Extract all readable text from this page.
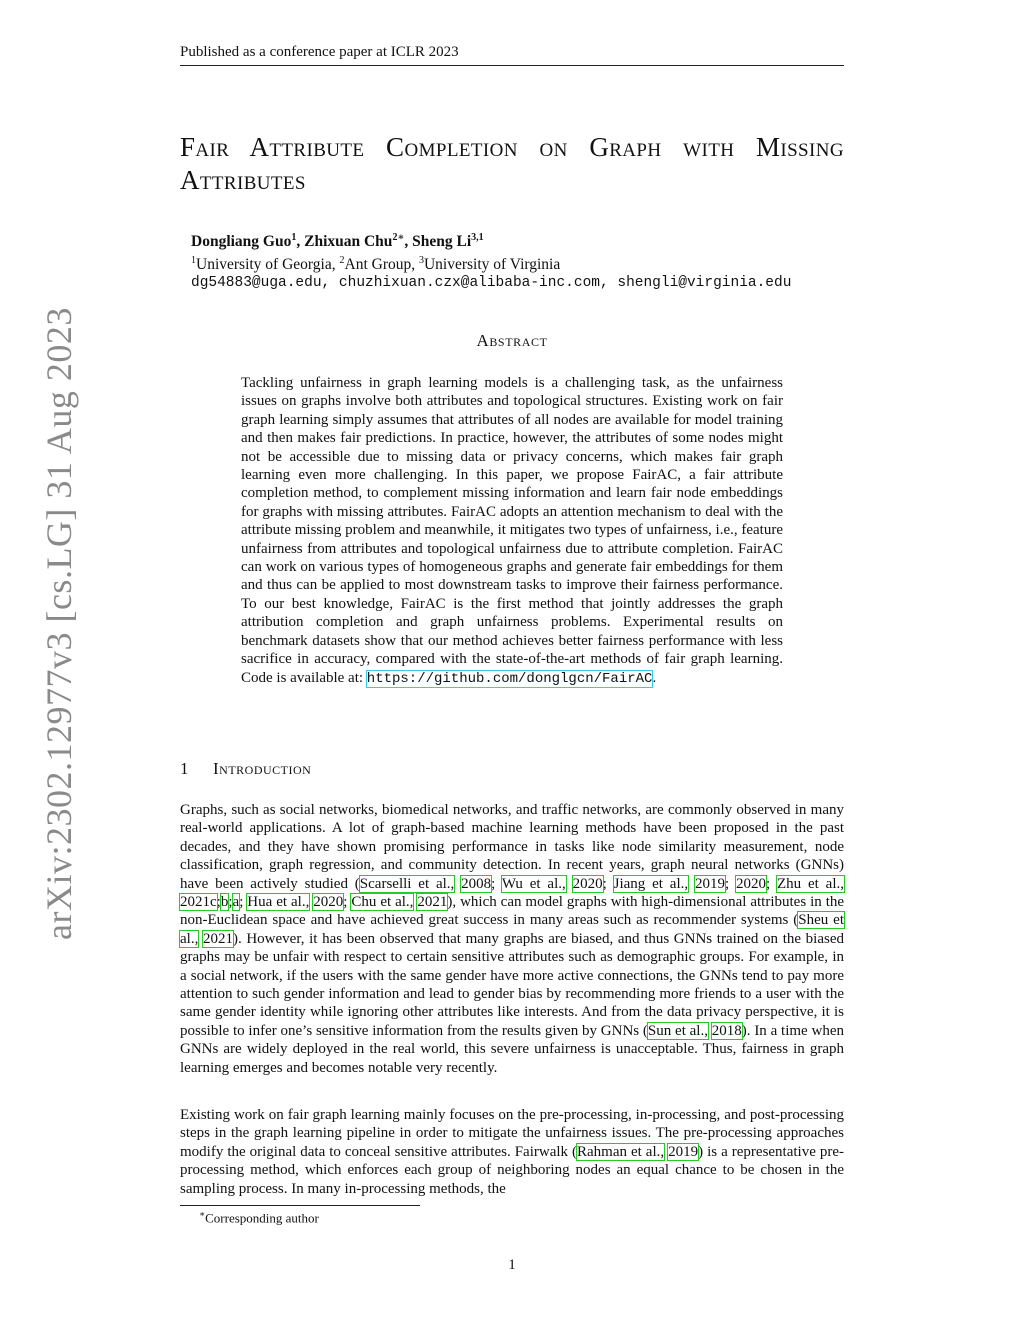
Published as a conference paper at ICLR 2023
arXiv:2302.12977v3 [cs.LG] 31 Aug 2023
Fair Attribute Completion on Graph with Missing Attributes
Dongliang Guo$^1$, Zhixuan Chu$^{2∗}$, Sheng Li$^{3,1}$
$^1$University of Georgia, $^2$Ant Group, $^3$University of Virginia
dg54883@uga.edu, chuzhixuan.czx@alibaba-inc.com, shengli@virginia.edu
Abstract

Tackling unfairness in graph learning models is a challenging task, as the unfairness issues on graphs involve both attributes and topological structures. Existing work on fair graph learning simply assumes that attributes of all nodes are available for model training and then makes fair predictions. In practice, however, the attributes of some nodes might not be accessible due to missing data or privacy concerns, which makes fair graph learning even more challenging. In this paper, we propose FairAC, a fair attribute completion method, to complement missing information and learn fair node embeddings for graphs with missing attributes. FairAC adopts an attention mechanism to deal with the attribute missing problem and meanwhile, it mitigates two types of unfairness, i.e., feature unfairness from attributes and topological unfairness due to attribute completion. FairAC can work on various types of homogeneous graphs and generate fair embeddings for them and thus can be applied to most downstream tasks to improve their fairness performance. To our best knowledge, FairAC is the first method that jointly addresses the graph attribution completion and graph unfairness problems. Experimental results on benchmark datasets show that our method achieves better fairness performance with less sacrifice in accuracy, compared with the state-of-the-art methods of fair graph learning. Code is available at: https://github.com/donglgcn/FairAC.

1 Introduction

Graphs, such as social networks, biomedical networks, and traffic networks, are commonly observed in many real-world applications. A lot of graph-based machine learning methods have been proposed in the past decades, and they have shown promising performance in tasks like node similarity measurement, node classification, graph regression, and community detection. In recent years, graph neural networks (GNNs) have been actively studied (Scarselli et al., 2008; Wu et al., 2020; Jiang et al., 2019; 2020; Zhu et al., 2021c;b;a; Hua et al., 2020; Chu et al., 2021), which can model graphs with high-dimensional attributes in the non-Euclidean space and have achieved great success in many areas such as recommender systems (Sheu et al., 2021). However, it has been observed that many graphs are biased, and thus GNNs trained on the biased graphs may be unfair with respect to certain sensitive attributes such as demographic groups. For example, in a social network, if the users with the same gender have more active connections, the GNNs tend to pay more attention to such gender information and lead to gender bias by recommending more friends to a user with the same gender identity while ignoring other attributes like interests. And from the data privacy perspective, it is possible to infer one’s sensitive information from the results given by GNNs (Sun et al., 2018). In a time when GNNs are widely deployed in the real world, this severe unfairness is unacceptable. Thus, fairness in graph learning emerges and becomes notable very recently.

Existing work on fair graph learning mainly focuses on the pre-processing, in-processing, and post-processing steps in the graph learning pipeline in order to mitigate the unfairness issues. The pre-processing approaches modify the original data to conceal sensitive attributes. Fairwalk (Rahman et al., 2019) is a representative pre-processing method, which enforces each group of neighboring nodes an equal chance to be chosen in the sampling process. In many in-processing methods, the

∗Corresponding author
1
